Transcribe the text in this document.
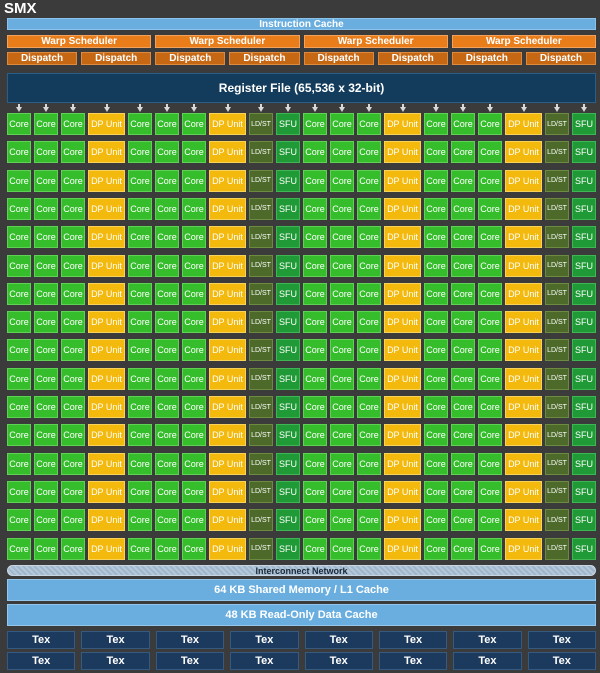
SMX
Instruction Cache
Warp Scheduler	Warp Scheduler	Warp Scheduler	Warp Scheduler
Dispatch	Dispatch	Dispatch	Dispatch	Dispatch	Dispatch	Dispatch	Dispatch
Register File (65,536 x 32-bit)
Core Core Core DP Unit Core Core Core DP Unit	LD/ST SFU Core Core Core DP Unit Core Core Core DP Unit	LD/ST SFU
Core Core Core DP Unit Core Core Core DP Unit	LD/ST SFU Core Core Core DP Unit Core Core Core DP Unit	LD/ST SFU
Core Core Core DP Unit Core Core Core DP Unit	LD/ST SFU Core Core Core DP Unit Core Core Core DP Unit	LD/ST SFU
Core Core Core DP Unit Core Core Core DP Unit	LD/ST SFU Core Core Core DP Unit Core Core Core DP Unit	LD/ST SFU
Core Core Core DP Unit Core Core Core DP Unit	LD/ST SFU Core Core Core DP Unit Core Core Core DP Unit	LD/ST SFU
Core Core Core DP Unit Core Core Core DP Unit	LD/ST SFU Core Core Core DP Unit Core Core Core DP Unit	LD/ST SFU
Core Core Core DP Unit Core Core Core DP Unit	LD/ST SFU Core Core Core DP Unit Core Core Core DP Unit	LD/ST SFU
Core Core Core DP Unit Core Core Core DP Unit	LD/ST SFU Core Core Core DP Unit Core Core Core DP Unit	LD/ST SFU
Core Core Core DP Unit Core Core Core DP Unit	LD/ST SFU Core Core Core DP Unit Core Core Core DP Unit	LD/ST SFU
Core Core Core DP Unit Core Core Core DP Unit	LD/ST SFU Core Core Core DP Unit Core Core Core DP Unit	LD/ST SFU
Core Core Core DP Unit Core Core Core DP Unit	LD/ST SFU Core Core Core DP Unit Core Core Core DP Unit	LD/ST SFU
Core Core Core DP Unit Core Core Core DP Unit	LD/ST SFU Core Core Core DP Unit Core Core Core DP Unit	LD/ST SFU
Core Core Core DP Unit Core Core Core DP Unit	LD/ST SFU Core Core Core DP Unit Core Core Core DP Unit	LD/ST SFU
Core Core Core DP Unit Core Core Core DP Unit	LD/ST SFU Core Core Core DP Unit Core Core Core DP Unit	LD/ST SFU
Core Core Core DP Unit Core Core Core DP Unit	LD/ST SFU Core Core Core DP Unit Core Core Core DP Unit	LD/ST SFU
Core Core Core DP Unit Core Core Core DP Unit	LD/ST SFU Core Core Core DP Unit Core Core Core DP Unit	LD/ST SFU
Interconnect Network
64 KB Shared Memory / L1 Cache
48 KB Read-Only Data Cache
Tex	Tex	Tex	Tex	Tex	Tex	Tex	Tex
Tex	Tex	Tex	Tex	Tex	Tex	Tex	Tex
